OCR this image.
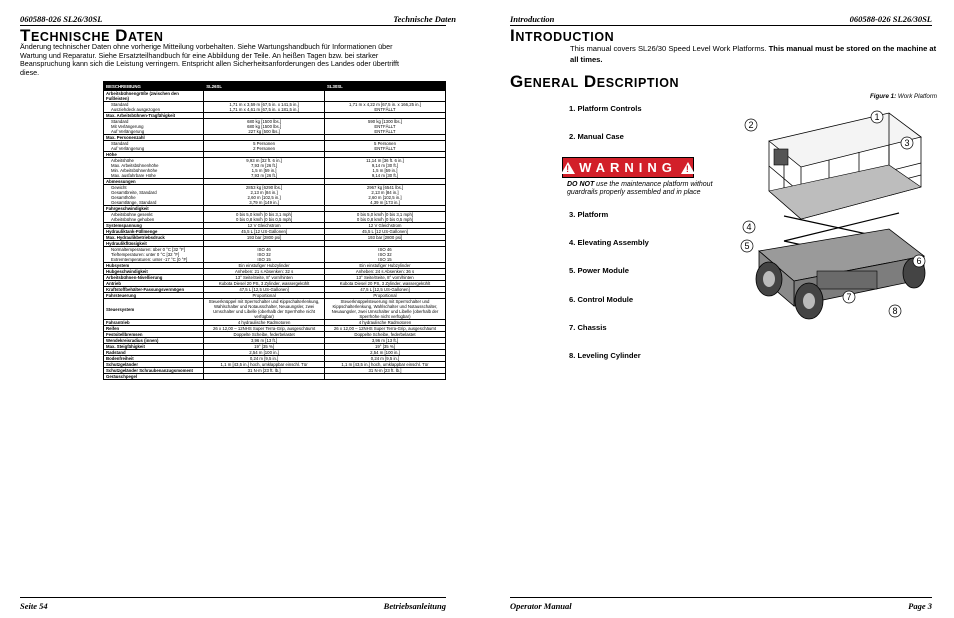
060588-026 SL26/30SL	Technische Daten
TECHNISCHE DATEN
Änderung technischer Daten ohne vorherige Mitteilung vorbehalten. Siehe Wartungshandbuch für Informationen über Wartung und Reparatur. Siehe Ersatzteilhandbuch für eine Abbildung der Teile. An heißen Tagen bzw. bei starker Beanspruchung kann sich die Leistung verringern. Entspricht allen Sicherheitsanforderungen des Landes oder übertrifft diese.
BESCHREIBUNG	SL26SL	SL30SL
Arbeitsbühnengröße (zwischen den Fußleisten)		
Standard	1,71 m x 3,59 m [67,5 in. x 141,5 in.]	1,71 m x 4,22 m [67,5 in. x 166,25 in.]
Ausziehdeck ausgezogen	1,71 m x 4,61 m [67,5 in. x 181,5 in.]	ENTFÄLLT
Max. Arbeitsbühnen-Tragfähigkeit		
Standard	680 kg [1500 lbs.]	590 kg [1300 lbs.]
Mit Verlängerung	680 kg [1500 lbs.]	ENTFÄLLT
Auf Verlängerung	227 kg [500 lbs.]	ENTFÄLLT
Max. Personenzahl		
Standard	5 Personen	5 Personen
Auf Verlängerung	2 Personen	ENTFÄLLT
Höhe		
Arbeitshöhe	9,93 m [32 ft. 6 in.]	11,14 m [36 ft. 6 in.]
Max. Arbeitsbühnenhöhe	7,93 m [26 ft.]	9,14 m [30 ft.]
Min. Arbeitsbühnenhöhe	1,5 m [59 in.]	1,5 m [59 in.]
Max. ausfahrbare Höhe	7,93 m [26 ft.]	9,14 m [30 ft.]
Abmessungen		
Gewicht	2853 kg [6290 lbs.]	2967 kg [6541 lbs.]
Gesamtbreite, Standard	2,13 m [84 in.]	2,13 m [84 in.]
Gesamthöhe	2,60 m [102,5 in.]	2,60 m [102,5 in.]
Gesamtlänge, Standard	3,79 m [149 in.]	4,39 m [173 in.]
Fahrgeschwindigkeit		
Arbeitsbühne gesenkt	0 bis 5,0 km/h [0 bis 3,1 mph]	0 bis 5,0 km/h [0 bis 3,1 mph]
Arbeitsbühne gehoben	0 bis 0,8 km/h [0 bis 0,5 mph]	0 bis 0,8 km/h [0 bis 0,5 mph]
Systemspannung	12 V Gleichstrom	12 V Gleichstrom
Hydrauliktank-Füllmenge	45,5 L [12 US-Gallonen]	45,5 L [12 US-Gallonen]
Max. Hydraulikbetriebsdruck	193 bar [2800 psi]	193 bar [2800 psi]
Hydraulikflüssigkeit		
Normaltemperaturen: über 0 °C [32 °F]	ISO 46	ISO 46
Tieftemperaturen: unter 0 °C [32 °F]	ISO 32	ISO 32
Extremtemperaturen: unter -17 °C [0 °F]	ISO 15	ISO 15
Hubsystem	Ein einstufiger Hubzylinder	Ein einstufiger Hubzylinder
Hubgeschwindigkeit	Anheben: 21 s Absenken: 32 s	Anheben: 24 s Absenken: 36 s
Arbeitsbühnen-Nivellierung	13° Seite/Seite, 8° vorn/hinten	13° Seite/Seite, 8° vorn/hinten
Antrieb	Kubota Diesel 20 PS, 3 Zylinder, wassergekühlt	Kubota Diesel 20 PS, 3 Zylinder, wassergekühlt
Kraftstoffbehälter-Fassungsvermögen	47,5 L [12,5 US-Gallonen]	47,5 L [12,5 US-Gallonen]
Fahrsteuerung	Proportional	Proportional
Steuersystem	Steuerknüppel mit Sperrschalter und Kippschalterlenkung, Wahlschalter und Notausschalter, Neuaungsler, zwei Umschalter und Libelle (oberhalb der Sperrhöhe nicht verfügbar)	Steuerknüppelsteuerung mit Sperrschalter und Kippschalterlenkung, Wahlschalter und Notausschalter, Neuaungsler, zwei Umschalter und Libelle (oberhalb der Sperrhöhe nicht verfügbar)
Fahrantrieb	4 hydraulische Radmotoren	4 hydraulische Radmotoren
Reifen	26 x 12,00 – 12NHS Super Terra-Grip, ausgeschäumt	26 x 12,00 – 12NHS Super Terra-Grip, ausgeschäumt
Festsitellbremsen	Doppelte Scheibe, federbelastet	Doppelte Scheibe, federbelastet
Wendekreisradius (innen)	3,96 m [13 ft.]	3,96 m [13 ft.]
Max. Steigfähigkeit	19° [35 %]	19° [35 %]
Radstand	2,54 m [100 in.]	2,54 m [100 in.]
Bodenfreiheit	0,24 m [9,5 in.]	0,24 m [9,5 in.]
Schutzgeländer	1,1 m [43,5 in.] hoch, umklappbar einschl. Tür	1,1 m [43,5 in.] hoch, umklappbar einschl. Tür
Schutzgeländer Schraubenanzugsmoment	31 N·m [23 ft. lb.]	31 N·m [23 ft. lb.]
Geräuschpegel		
Seite 54	Betriebsanleitung
Introduction	060588-026 SL26/30SL
INTRODUCTION
This manual covers SL26/30 Speed Level Work Platforms. This manual must be stored on the machine at all times.
GENERAL DESCRIPTION
1. Platform Controls
2. Manual Case
! WARNING !
DO NOT use the maintenance platform without guardrails properly assembled and in place
3. Platform
4. Elevating Assembly
5. Power Module
6. Control Module
7. Chassis
8. Leveling Cylinder
Figure 1: Work Platform
1
2
3
4
5
6
7
8
Operator Manual	Page 3
